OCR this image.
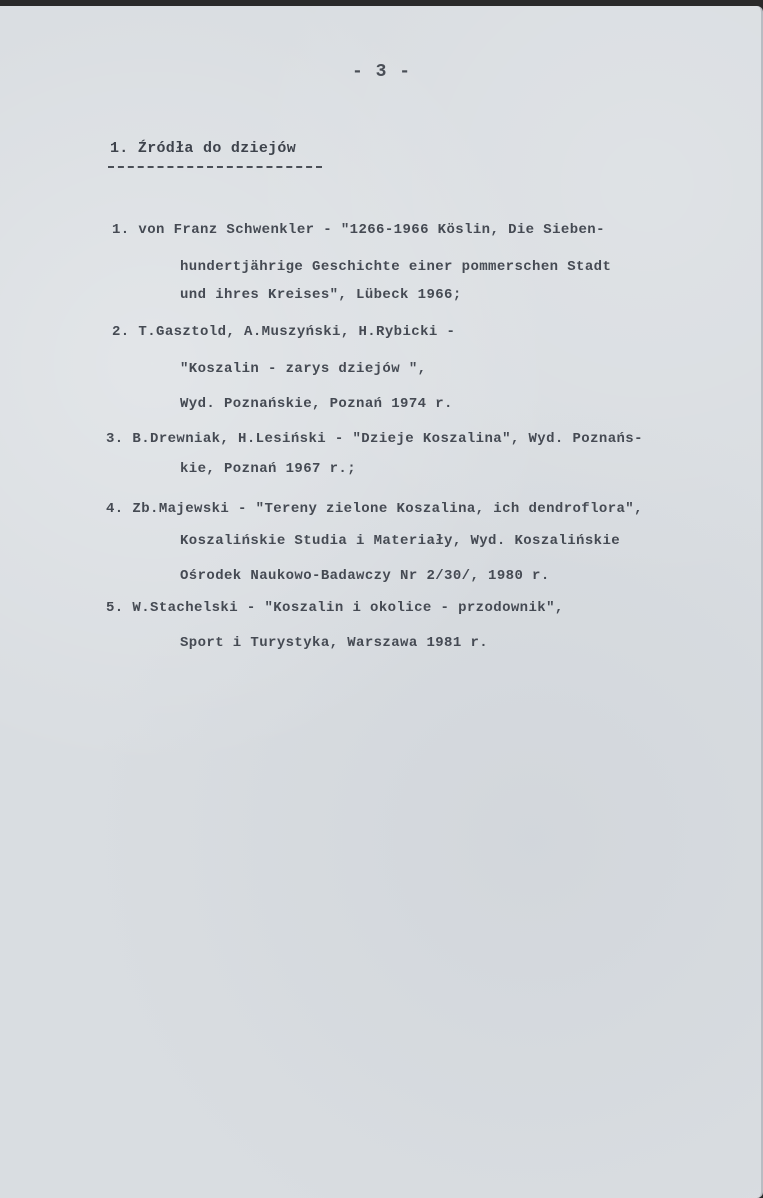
- 3 -
1. Źródła do dziejów
1. von Franz Schwenkler - "1266-1966 Köslin, Die Sieben-
hundertjährige Geschichte einer pommerschen Stadt
und ihres Kreises", Lübeck 1966;
2. T.Gasztold, A.Muszyński, H.Rybicki -
"Koszalin - zarys dziejów ",
Wyd. Poznańskie, Poznań 1974 r.
3. B.Drewniak, H.Lesiński - "Dzieje Koszalina", Wyd. Poznańs-
kie, Poznań 1967 r.;
4. Zb.Majewski - "Tereny zielone Koszalina, ich dendroflora",
Koszalińskie Studia i Materiały, Wyd. Koszalińskie
Ośrodek Naukowo-Badawczy Nr 2/30/, 1980 r.
5. W.Stachelski - "Koszalin i okolice - przodownik",
Sport i Turystyka, Warszawa 1981 r.
